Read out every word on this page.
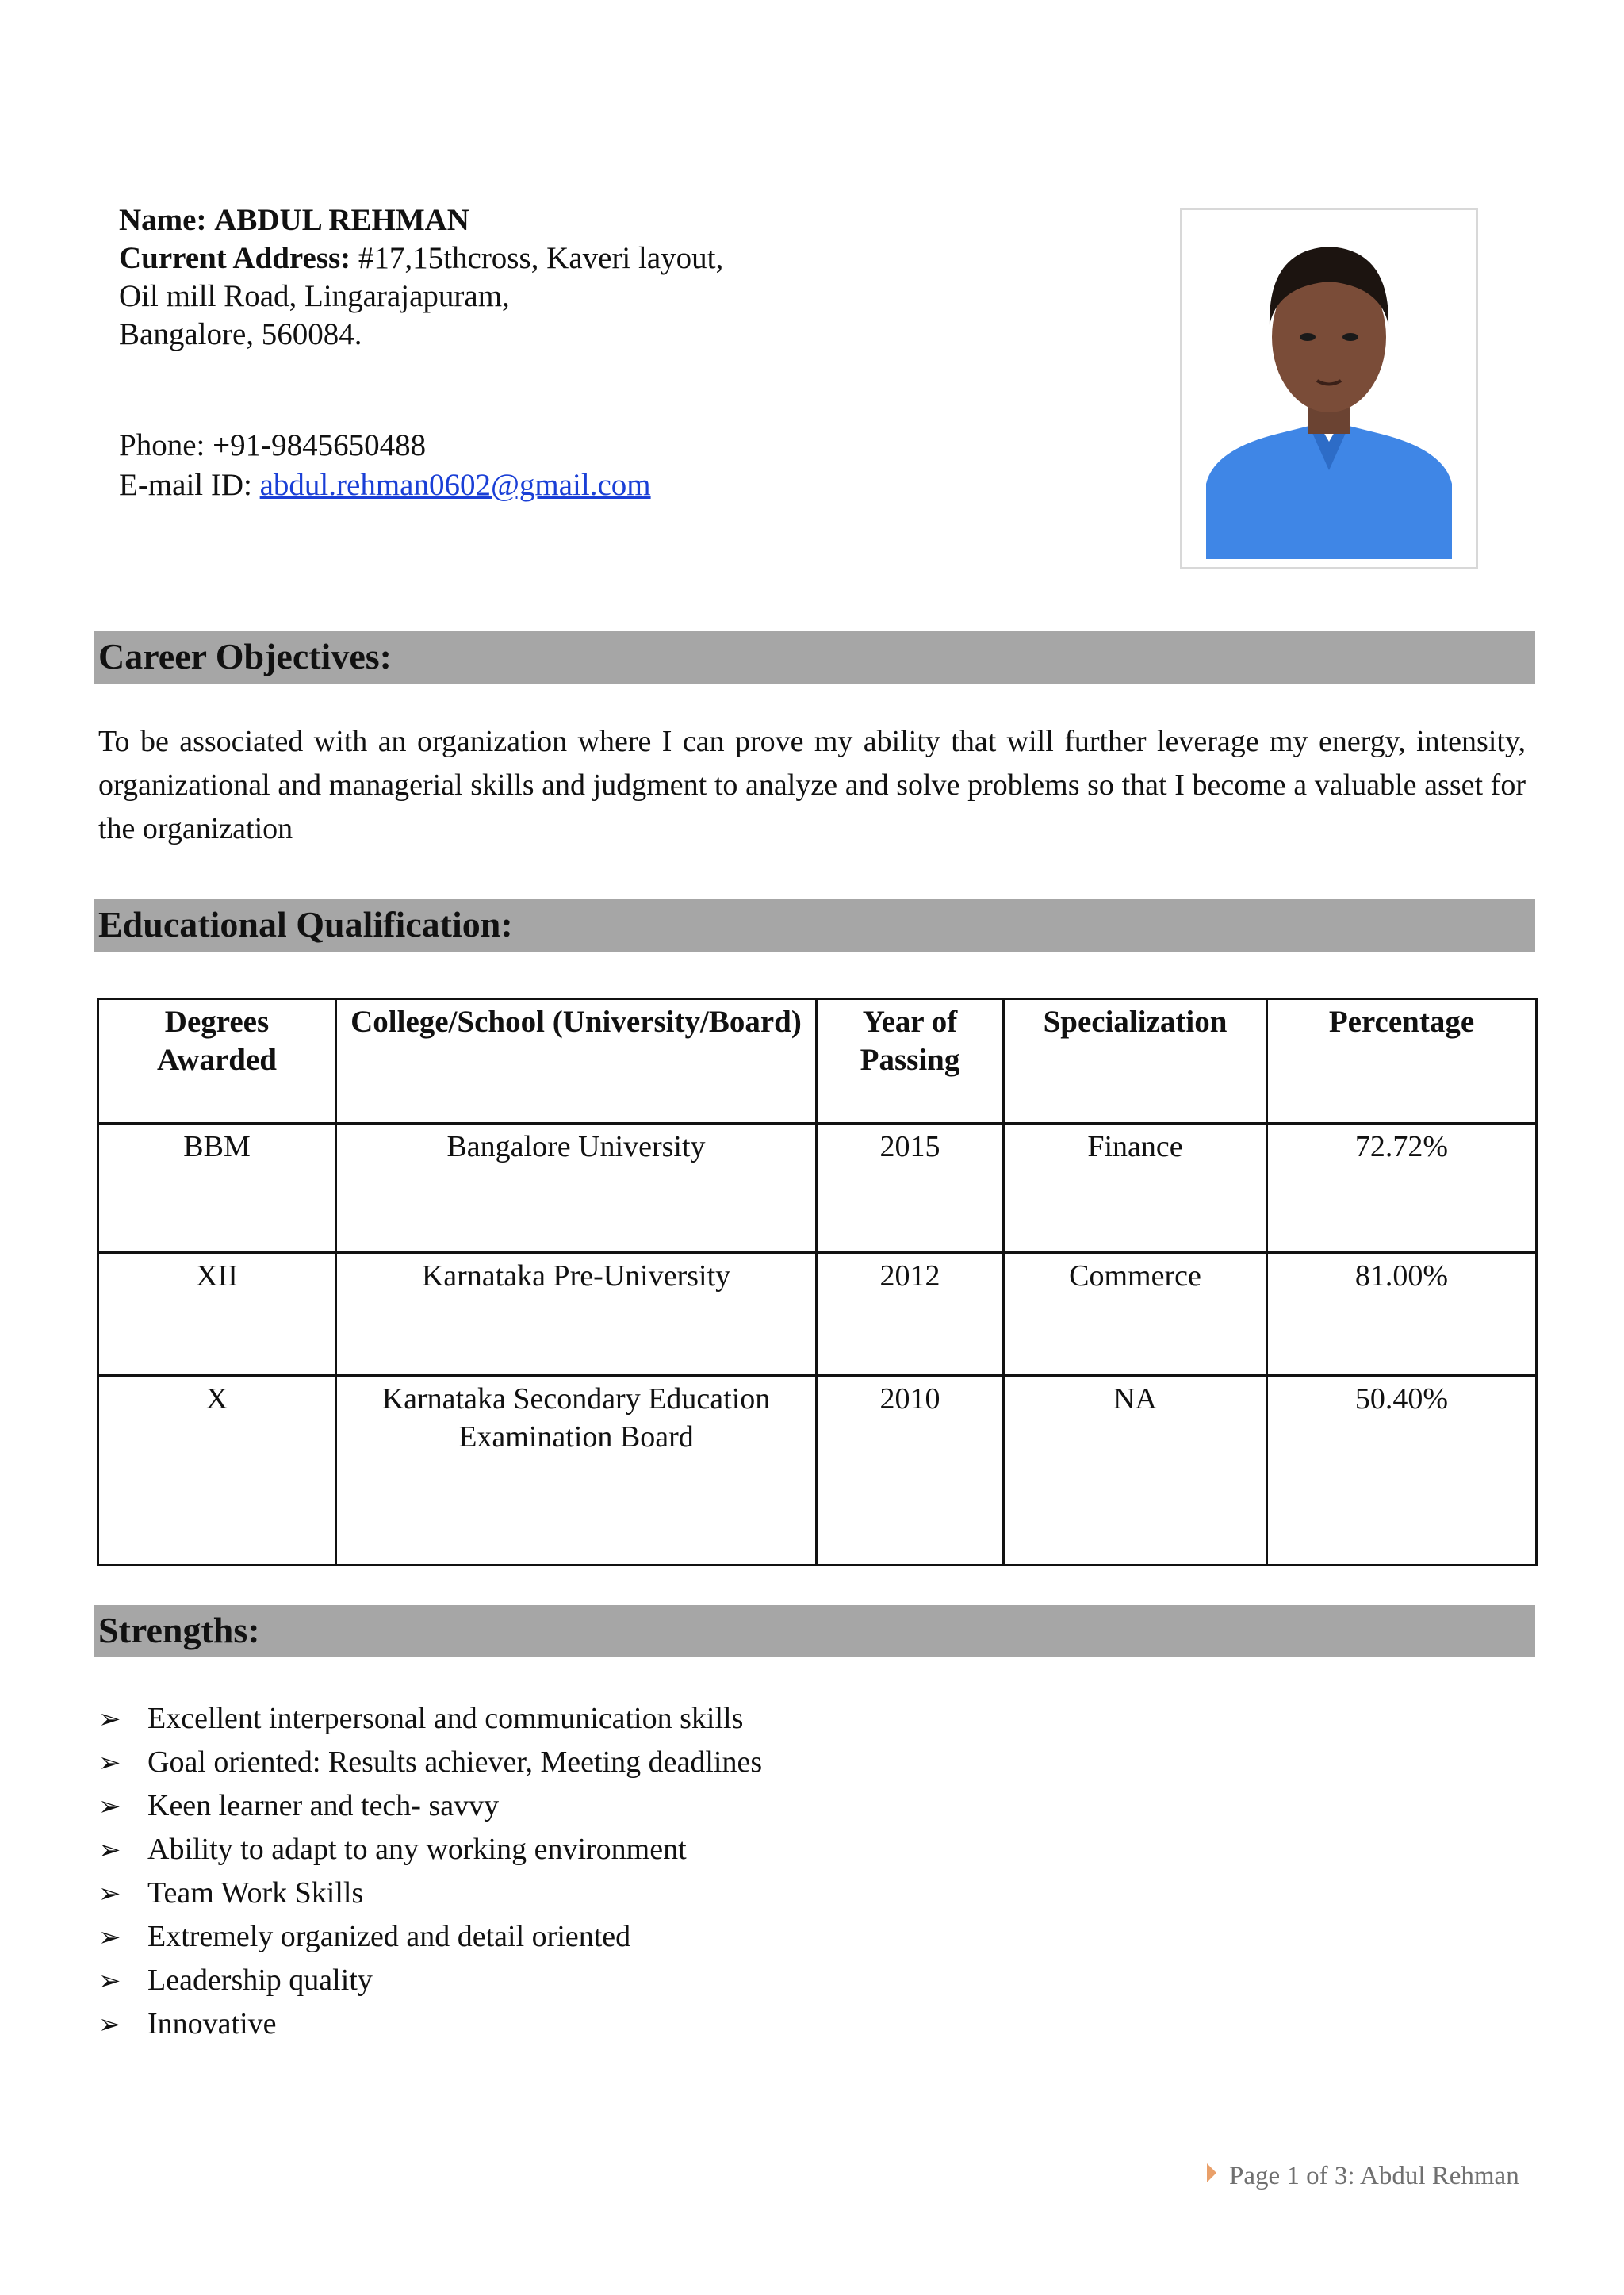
Name: ABDUL REHMAN
Current Address: #17,15thcross, Kaveri layout,
Oil mill Road, Lingarajapuram,
Bangalore, 560084.
Phone: +91-9845650488
E-mail ID: abdul.rehman0602@gmail.com
Career Objectives:
To be associated with an organization where I can prove my ability that will further leverage my energy, intensity, organizational and managerial skills and judgment to analyze and solve problems so that I become a valuable asset for the organization
Educational Qualification:
Degrees Awarded	College/School (University/Board)	Year of Passing	Specialization	Percentage
BBM	Bangalore University	2015	Finance	72.72%
XII	Karnataka Pre-University	2012	Commerce	81.00%
X	Karnataka Secondary Education Examination Board	2010	NA	50.40%
Strengths:
➢ Excellent interpersonal and communication skills
➢ Goal oriented: Results achiever, Meeting deadlines
➢ Keen learner and tech- savvy
➢ Ability to adapt to any working environment
➢ Team Work Skills
➢ Extremely organized and detail oriented
➢ Leadership quality
➢ Innovative
Page 1 of 3: Abdul Rehman
